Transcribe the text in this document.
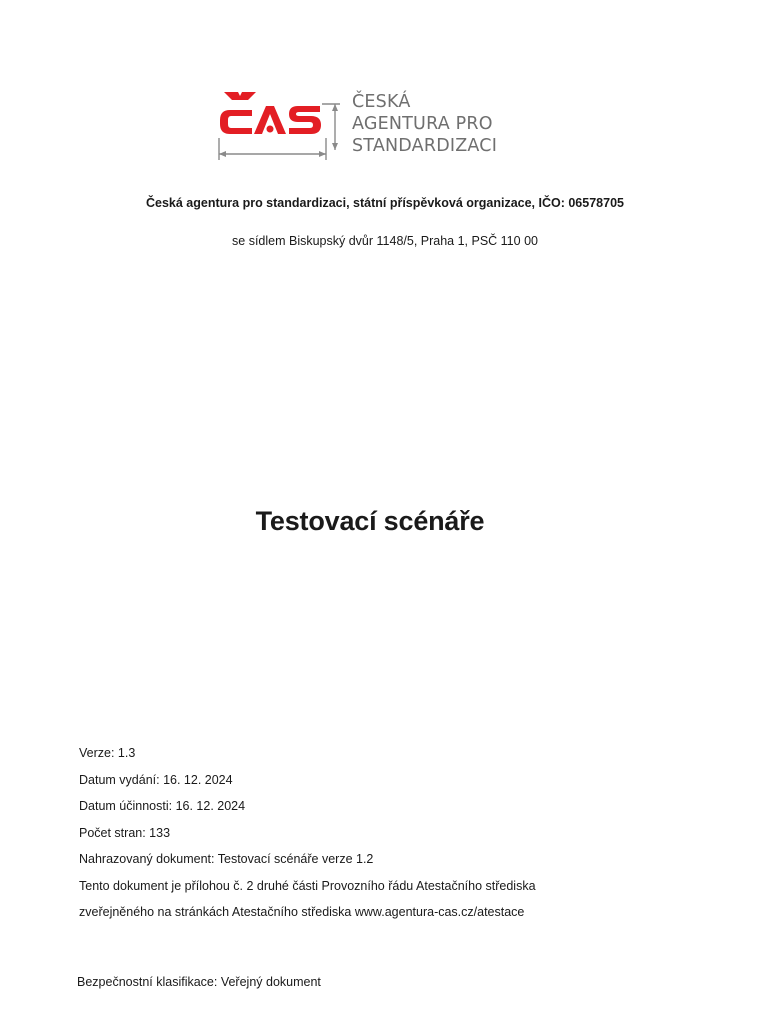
ČESKÁ
AGENTURA PRO
STANDARDIZACI
Česká agentura pro standardizaci, státní příspěvková organizace, IČO: 06578705
se sídlem Biskupský dvůr 1148/5, Praha 1, PSČ 110 00
Testovací scénáře
Verze: 1.3
Datum vydání: 16. 12. 2024
Datum účinnosti: 16. 12. 2024
Počet stran: 133
Nahrazovaný dokument: Testovací scénáře verze 1.2
Tento dokument je přílohou č. 2 druhé části Provozního řádu Atestačního střediska
zveřejněného na stránkách Atestačního střediska www.agentura-cas.cz/atestace
Bezpečnostní klasifikace: Veřejný dokument
